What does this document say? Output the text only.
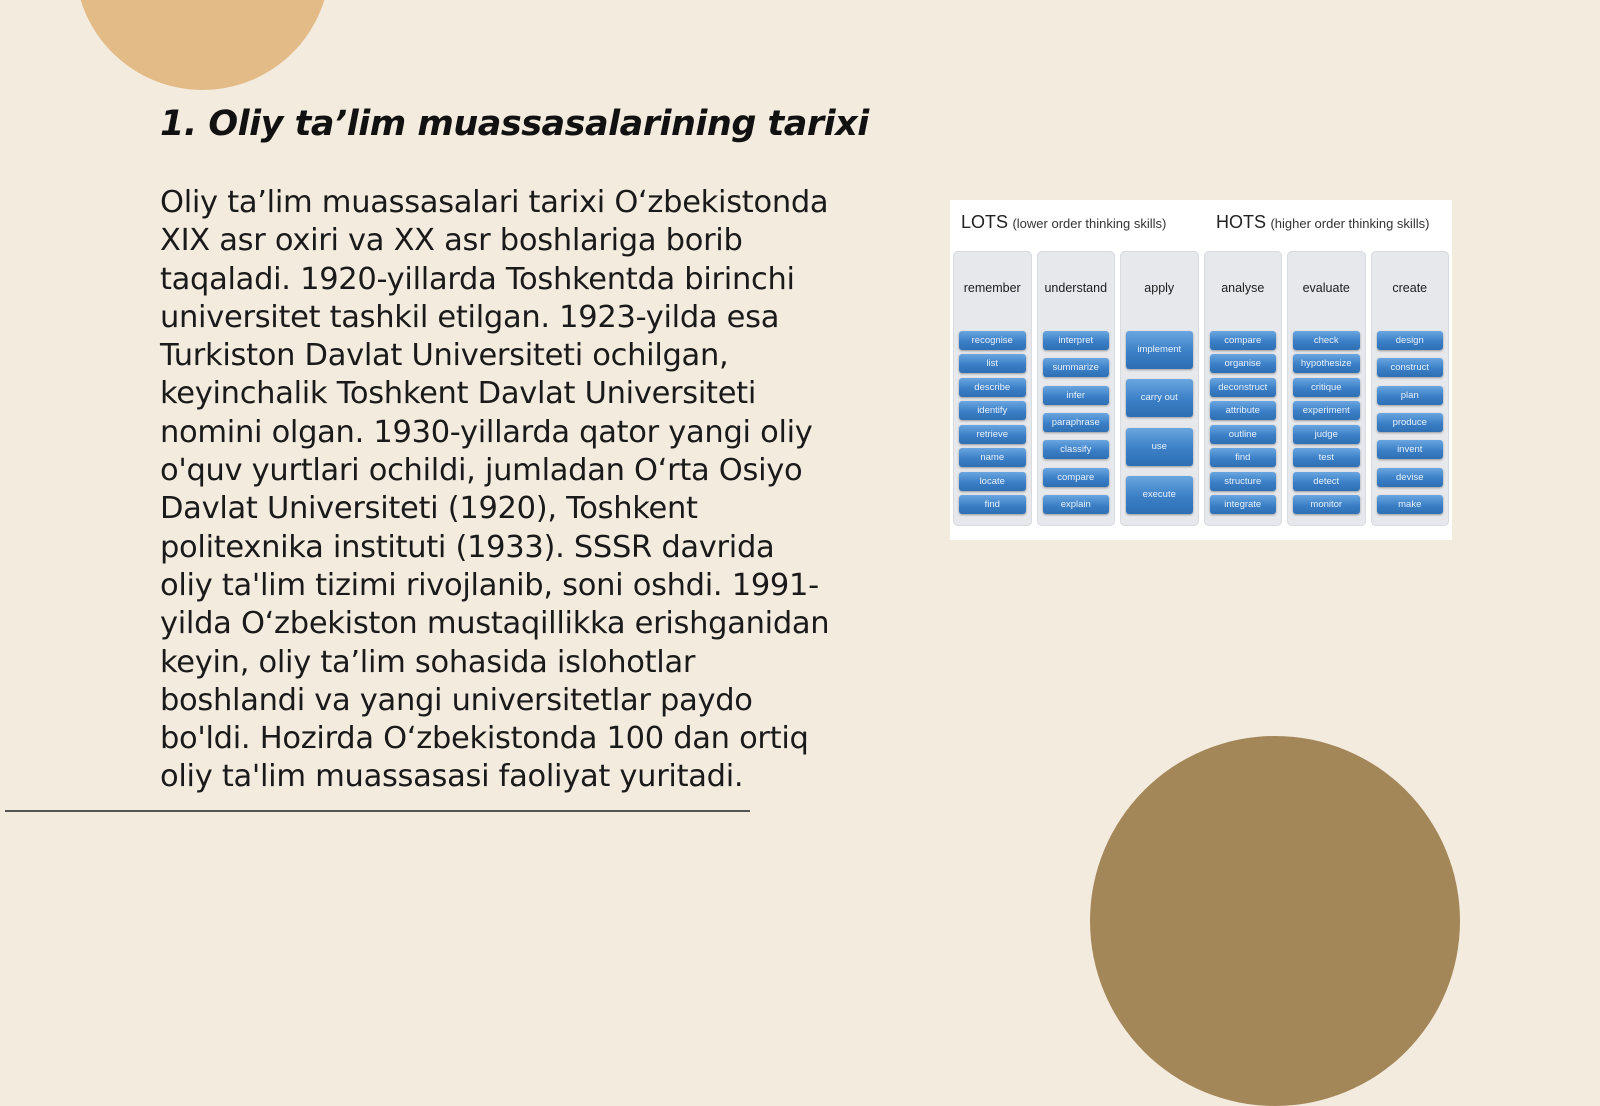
1. Oliy ta’lim muassasalarining tarixi

Oliy ta’lim muassasalari tarixi O‘zbekistonda XIX asr oxiri va XX asr boshlariga borib taqaladi. 1920-yillarda Toshkentda birinchi universitet tashkil etilgan. 1923-yilda esa Turkiston Davlat Universiteti ochilgan, keyinchalik Toshkent Davlat Universiteti nomini olgan. 1930-yillarda qator yangi oliy o'quv yurtlari ochildi, jumladan O‘rta Osiyo Davlat Universiteti (1920), Toshkent politexnika instituti (1933). SSSR davrida oliy ta'lim tizimi rivojlanib, soni oshdi. 1991-yilda O‘zbekiston mustaqillikka erishganidan keyin, oliy ta’lim sohasida islohotlar boshlandi va yangi universitetlar paydo bo'ldi. Hozirda O‘zbekistonda 100 dan ortiq oliy ta'lim muassasasi faoliyat yuritadi.

LOTS (lower order thinking skills)	HOTS (higher order thinking skills)
remember
recognise
list
describe
identify
retrieve
name
locate
find
understand
interpret
summarize
infer
paraphrase
classify
compare
explain
apply
implement
carry out
use
execute
analyse
compare
organise
deconstruct
attribute
outline
find
structure
integrate
evaluate
check
hypothesize
critique
experiment
judge
test
detect
monitor
create
design
construct
plan
produce
invent
devise
make
